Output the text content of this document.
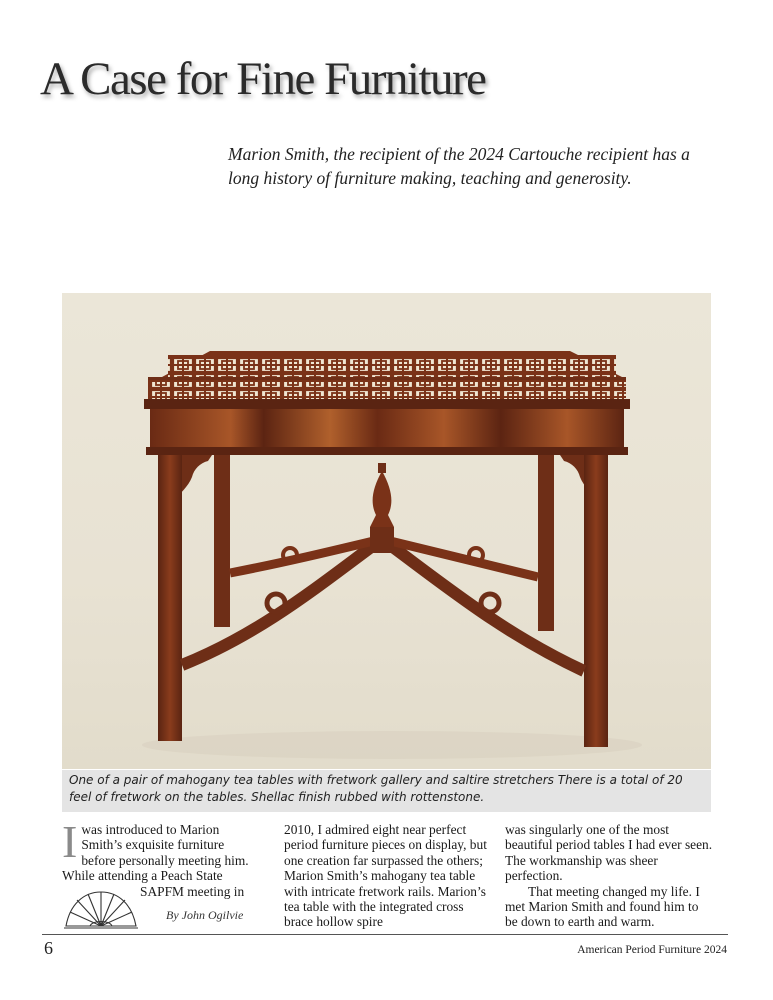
A Case for Fine Furniture

Marion Smith, the recipient of the 2024 Cartouche recipient has a long history of furniture making, teaching and generosity.

One of a pair of mahogany tea tables with fretwork gallery and saltire stretchers There is a total of 20 feel of fretwork on the tables. Shellac finish rubbed with rottenstone.
I was introduced to Marion
Smith’s exquisite furniture
before personally meeting him.
While attending a Peach State
SAPFM meeting in
By John Ogilvie

2010, I admired eight near perfect period furniture pieces on display, but one creation far surpassed the others; Marion Smith’s mahogany tea table with intricate fretwork rails. Marion’s tea table with the integrated cross brace hollow spire

was singularly one of the most beautiful period tables I had ever seen. The workmanship was sheer perfection.

That meeting changed my life. I met Marion Smith and found him to be down to earth and warm.

6	American Period Furniture 2024
